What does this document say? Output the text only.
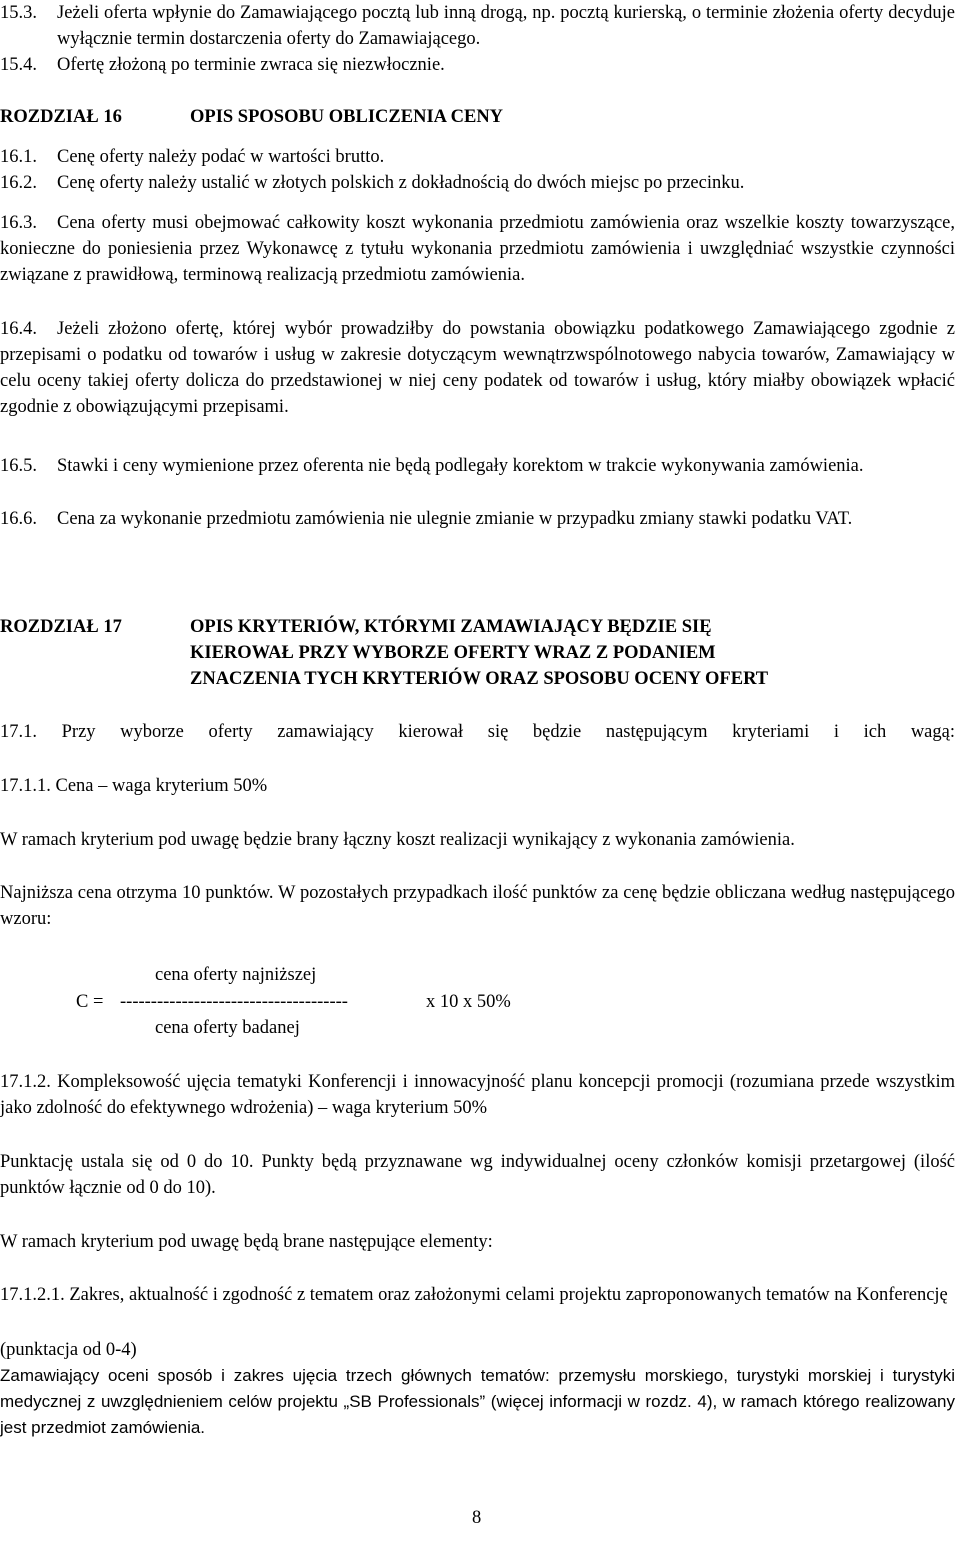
15.3. Jeżeli oferta wpłynie do Zamawiającego pocztą lub inną drogą, np. pocztą kurierską, o terminie złożenia oferty decyduje wyłącznie termin dostarczenia oferty do Zamawiającego.
15.4. Ofertę złożoną po terminie zwraca się niezwłocznie.

ROZDZIAŁ 16	OPIS SPOSOBU OBLICZENIA CENY

16.1. Cenę oferty należy podać w wartości brutto.
16.2. Cenę oferty należy ustalić w złotych polskich z dokładnością do dwóch miejsc po przecinku.
16.3.	Cena oferty musi obejmować całkowity koszt wykonania przedmiotu zamówienia oraz wszelkie koszty towarzyszące, konieczne do poniesienia przez Wykonawcę z tytułu wykonania przedmiotu zamówienia i uwzględniać wszystkie czynności związane z prawidłową, terminową realizacją przedmiotu zamówienia.
16.4.	Jeżeli złożono ofertę, której wybór prowadziłby do powstania obowiązku podatkowego Zamawiającego zgodnie z przepisami o podatku od towarów i usług w zakresie dotyczącym wewnątrzwspólnotowego nabycia towarów, Zamawiający w celu oceny takiej oferty dolicza do przedstawionej w niej ceny podatek od towarów i usług, który miałby obowiązek wpłacić zgodnie z obowiązującymi przepisami.
16.5. Stawki i ceny wymienione przez oferenta nie będą podlegały korektom w trakcie wykonywania zamówienia.
16.6. Cena za wykonanie przedmiotu zamówienia nie ulegnie zmianie w przypadku zmiany stawki podatku VAT.

ROZDZIAŁ 17	OPIS KRYTERIÓW, KTÓRYMI ZAMAWIAJĄCY BĘDZIE SIĘ

KIEROWAŁ PRZY WYBORZE OFERTY WRAZ Z PODANIEM

ZNACZENIA TYCH KRYTERIÓW ORAZ SPOSOBU OCENY OFERT

17.1. Przy wyborze oferty zamawiający kierował się będzie następującym kryteriami i ich wagą:

17.1.1. Cena – waga kryterium 50%

W ramach kryterium pod uwagę będzie brany łączny koszt realizacji wynikający z wykonania zamówienia.

Najniższa cena otrzyma 10 punktów. W pozostałych przypadkach ilość punktów za cenę będzie obliczana według następującego wzoru:

cena oferty najniższej

C = -------------------------------------	x 10 x 50%

cena oferty badanej

17.1.2. Kompleksowość ujęcia tematyki Konferencji i innowacyjność planu koncepcji promocji (rozumiana przede wszystkim jako zdolność do efektywnego wdrożenia) – waga kryterium 50%

Punktację ustala się od 0 do 10. Punkty będą przyznawane wg indywidualnej oceny członków komisji przetargowej (ilość punktów łącznie od 0 do 10).

W ramach kryterium pod uwagę będą brane następujące elementy:

17.1.2.1. Zakres, aktualność i zgodność z tematem oraz założonymi celami projektu zaproponowanych tematów na Konferencję

(punktacja od 0-4)

Zamawiający oceni sposób i zakres ujęcia trzech głównych tematów: przemysłu morskiego, turystyki morskiej i turystyki medycznej z uwzględnieniem celów projektu „SB Professionals” (więcej informacji w rozdz. 4), w ramach którego realizowany jest przedmiot zamówienia.

8
